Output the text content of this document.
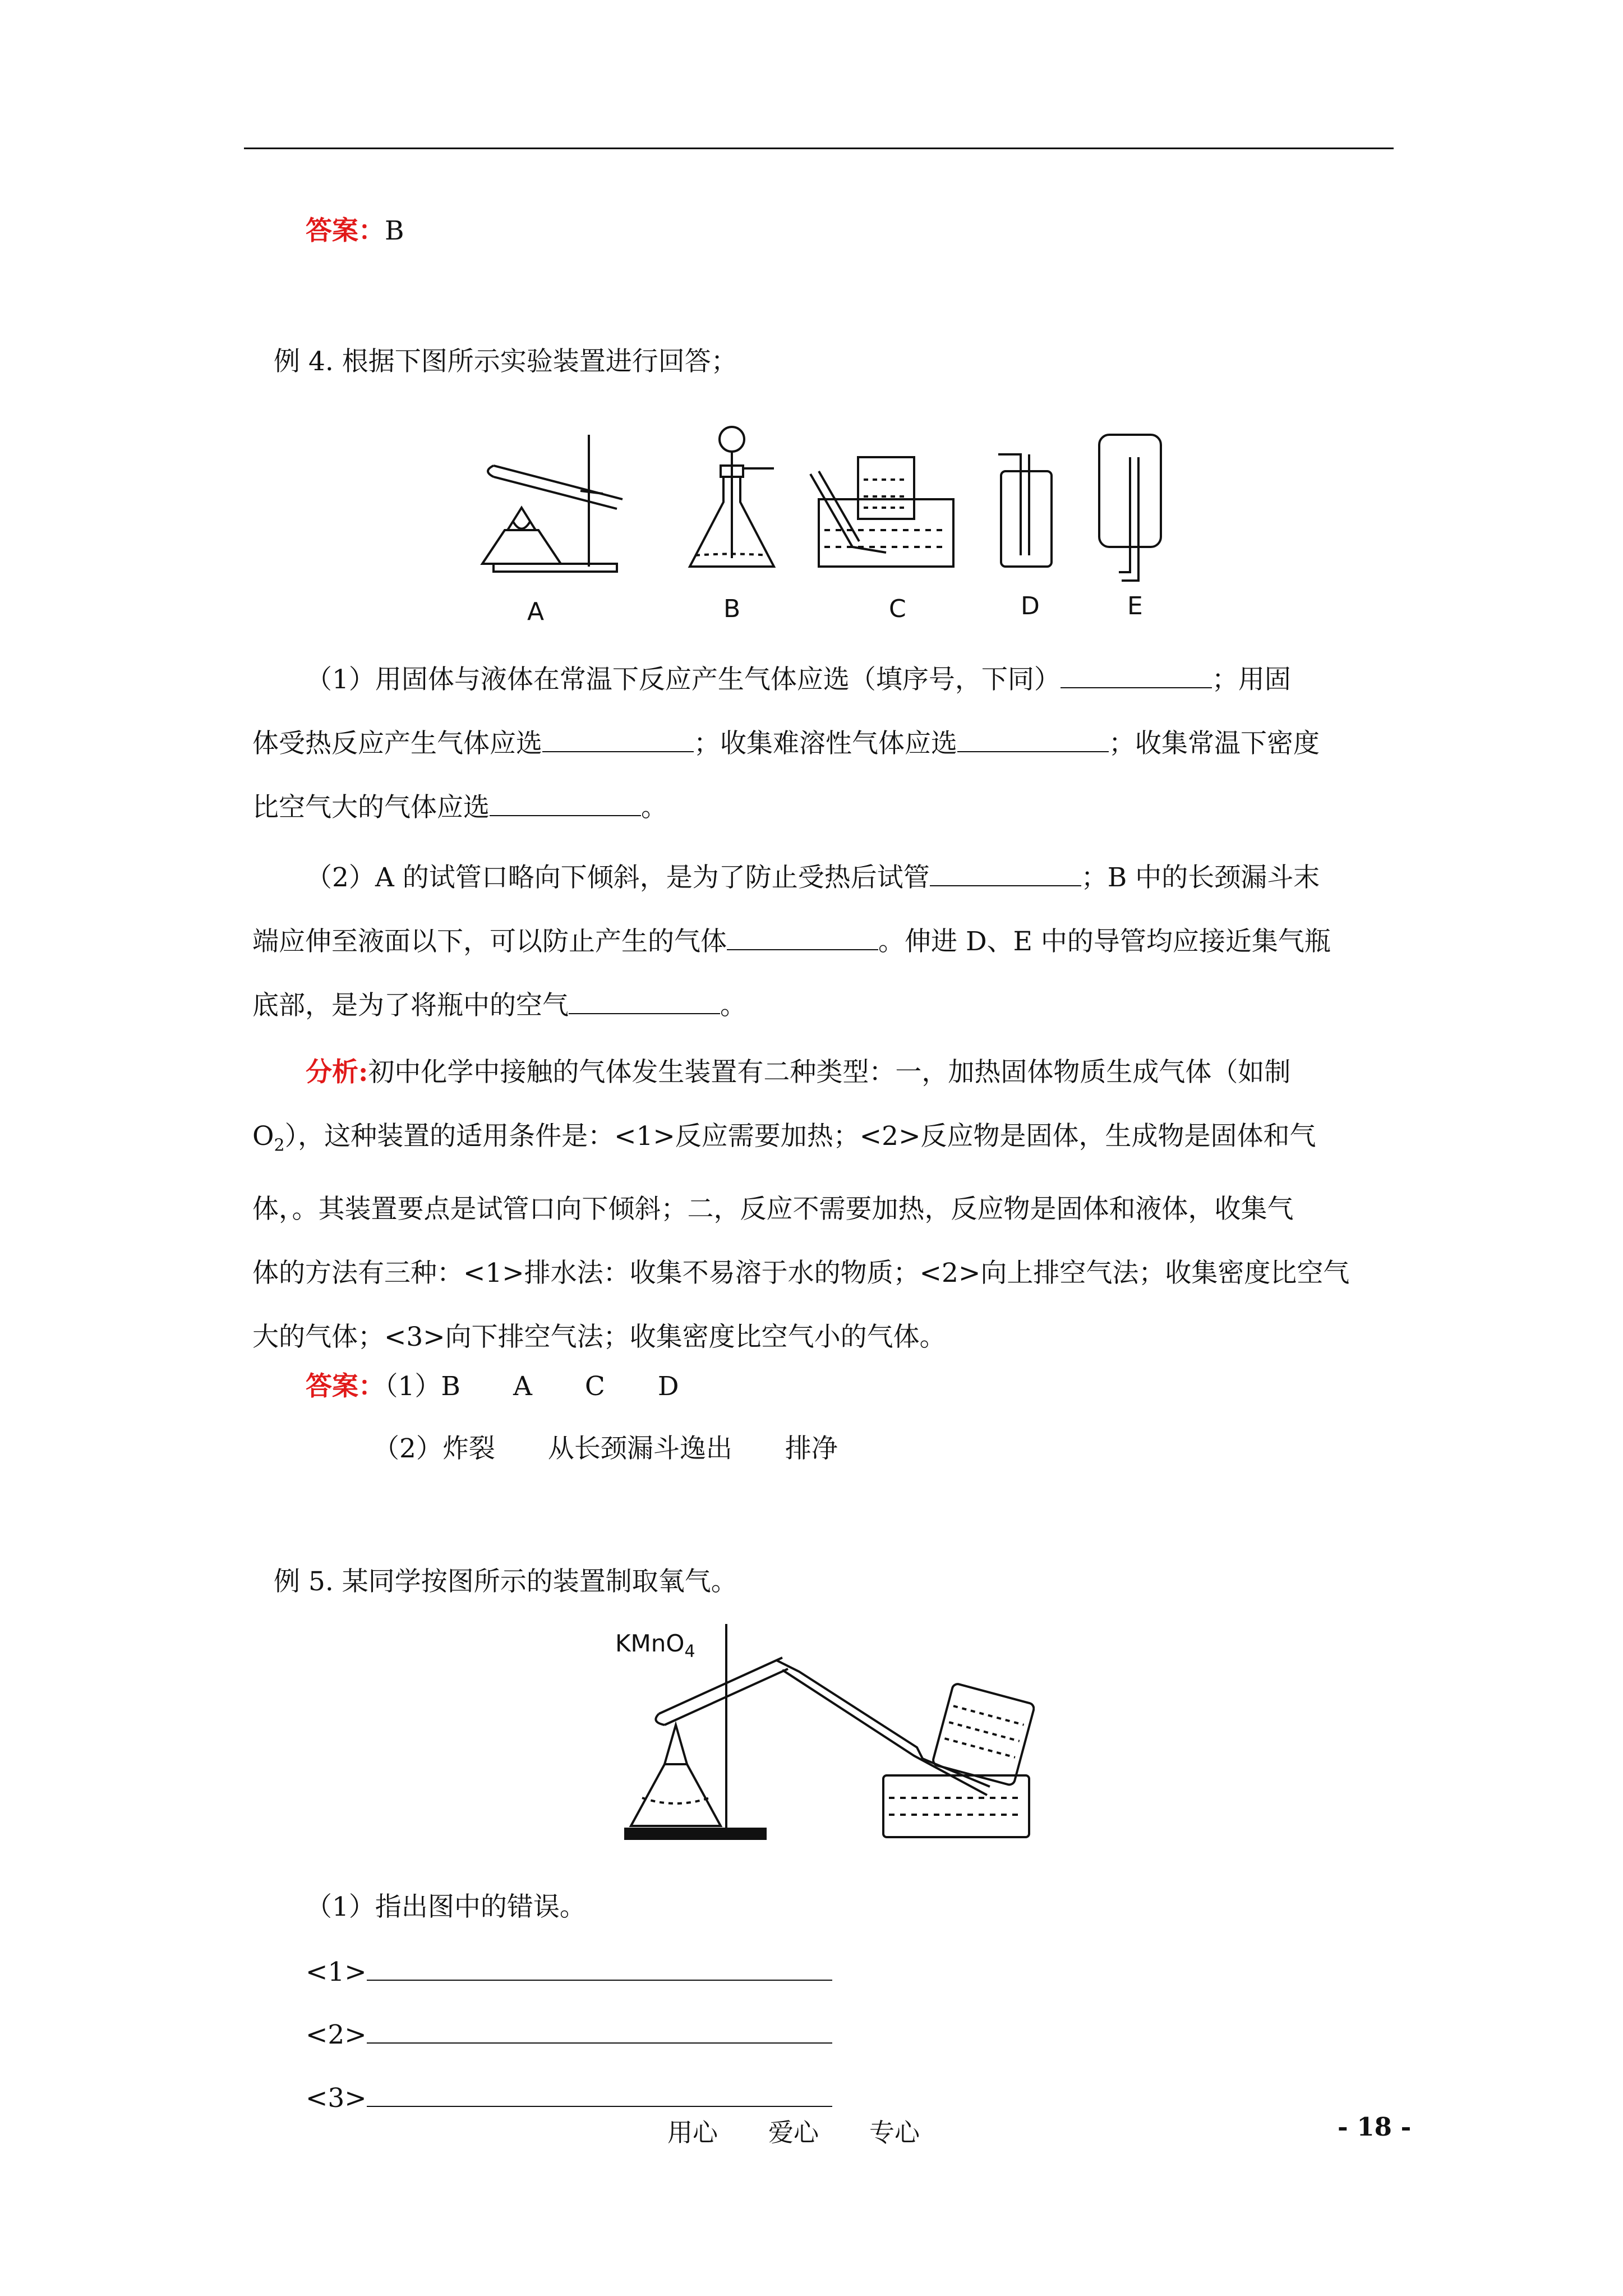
答案：B
例 4. 根据下图所示实验装置进行回答；
A	B	C	D	E
（1）用固体与液体在常温下反应产生气体应选（填序号，下同）	；用固
体受热反应产生气体应选	；收集难溶性气体应选	；收集常温下密度
比空气大的气体应选	。
（2）A 的试管口略向下倾斜，是为了防止受热后试管	；B 中的长颈漏斗末
端应伸至液面以下，可以防止产生的气体	。伸进 D、E 中的导管均应接近集气瓶
底部，是为了将瓶中的空气	。
分析:初中化学中接触的气体发生装置有二种类型：一，加热固体物质生成气体（如制
$O_2$），这种装置的适用条件是：<1>反应需要加热；<2>反应物是固体，生成物是固体和气
体，。其装置要点是试管口向下倾斜；二，反应不需要加热，反应物是固体和液体，收集气
体的方法有三种：<1>排水法：收集不易溶于水的物质；<2>向上排空气法；收集密度比空气
大的气体；<3>向下排空气法；收集密度比空气小的气体。
答案：（1）B　　A　　C　　D
（2）炸裂　　从长颈漏斗逸出　　排净
例 5. 某同学按图所示的装置制取氧气。
KMnO$_4$
（1）指出图中的错误。
<1>
<2>
<3>
用心　　爱心　　专心	- 18 -
